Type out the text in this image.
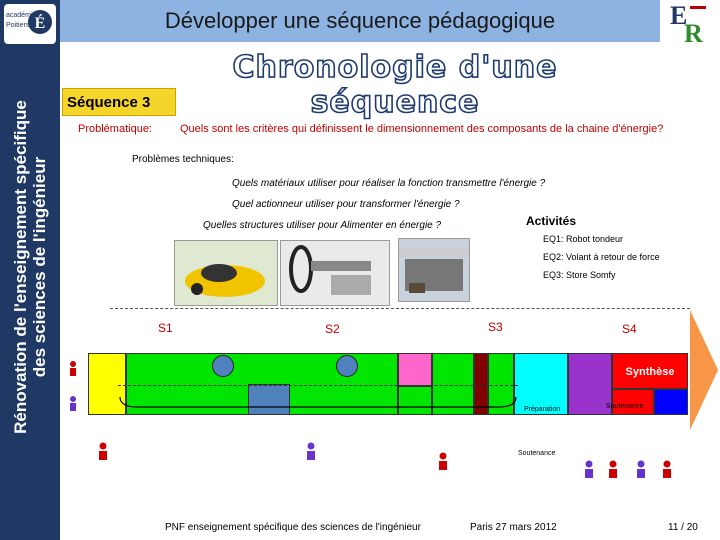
É
académie
Poitiers
Rénovation de l'enseignement spécifique
des sciences de l'ingénieur
Développer une séquence pédagogique	E
R
Chronologie d'une séquence
Séquence 3
Problématique:	Quels sont les critères qui définissent le dimensionnement des composants de la chaine d'énergie?
Problèmes techniques:
Quels matériaux utiliser pour réaliser la fonction transmettre l'énergie ?
Quel actionneur utiliser pour transformer l'énergie ?
Quelles structures utiliser pour Alimenter en énergie ?	Activités
EQ1: Robot tondeur
EQ2: Volant à retour de force
EQ3: Store Somfy
S1	S2	S3	S4
Synthèse
Préparation	Soutenance
Soutenance
PNF enseignement spécifique des sciences de l'ingénieur	Paris 27 mars 2012	11 / 20
